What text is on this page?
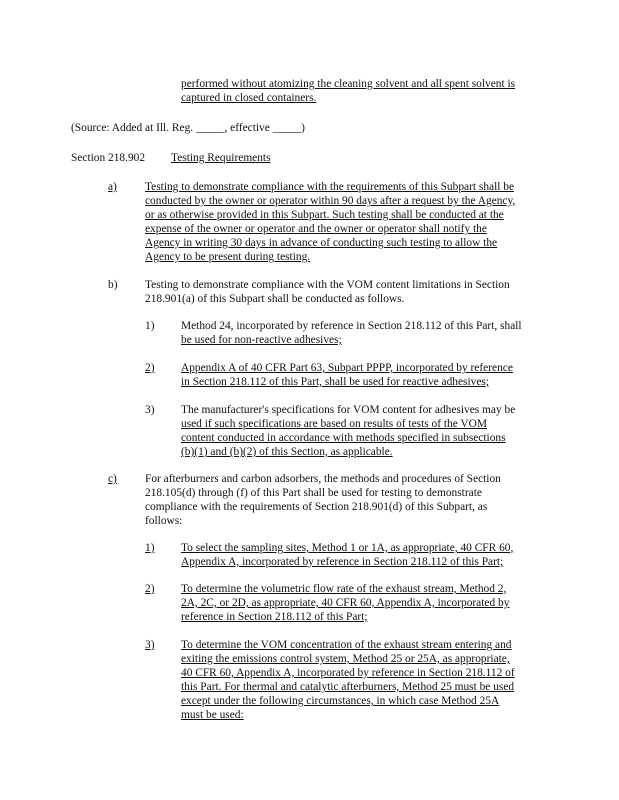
performed without atomizing the cleaning solvent and all spent solvent is
captured in closed containers.
(Source: Added at Ill. Reg. _____, effective _____)
Section 218.902 Testing Requirements
a) Testing to demonstrate compliance with the requirements of this Subpart shall be
conducted by the owner or operator within 90 days after a request by the Agency,
or as otherwise provided in this Subpart. Such testing shall be conducted at the
expense of the owner or operator and the owner or operator shall notify the
Agency in writing 30 days in advance of conducting such testing to allow the
Agency to be present during testing.
b) Testing to demonstrate compliance with the VOM content limitations in Section
218.901(a) of this Subpart shall be conducted as follows.
1) Method 24, incorporated by reference in Section 218.112 of this Part, shall
be used for non-reactive adhesives;
2) Appendix A of 40 CFR Part 63, Subpart PPPP, incorporated by reference
in Section 218.112 of this Part, shall be used for reactive adhesives;
3) The manufacturer's specifications for VOM content for adhesives may be
used if such specifications are based on results of tests of the VOM
content conducted in accordance with methods specified in subsections
(b)(1) and (b)(2) of this Section, as applicable.
c) For afterburners and carbon adsorbers, the methods and procedures of Section
218.105(d) through (f) of this Part shall be used for testing to demonstrate
compliance with the requirements of Section 218.901(d) of this Subpart, as
follows:
1) To select the sampling sites, Method 1 or 1A, as appropriate, 40 CFR 60,
Appendix A, incorporated by reference in Section 218.112 of this Part;
2) To determine the volumetric flow rate of the exhaust stream, Method 2,
2A, 2C, or 2D, as appropriate, 40 CFR 60, Appendix A, incorporated by
reference in Section 218.112 of this Part;
3) To determine the VOM concentration of the exhaust stream entering and
exiting the emissions control system, Method 25 or 25A, as appropriate,
40 CFR 60, Appendix A, incorporated by reference in Section 218.112 of
this Part. For thermal and catalytic afterburners, Method 25 must be used
except under the following circumstances, in which case Method 25A
must be used:
